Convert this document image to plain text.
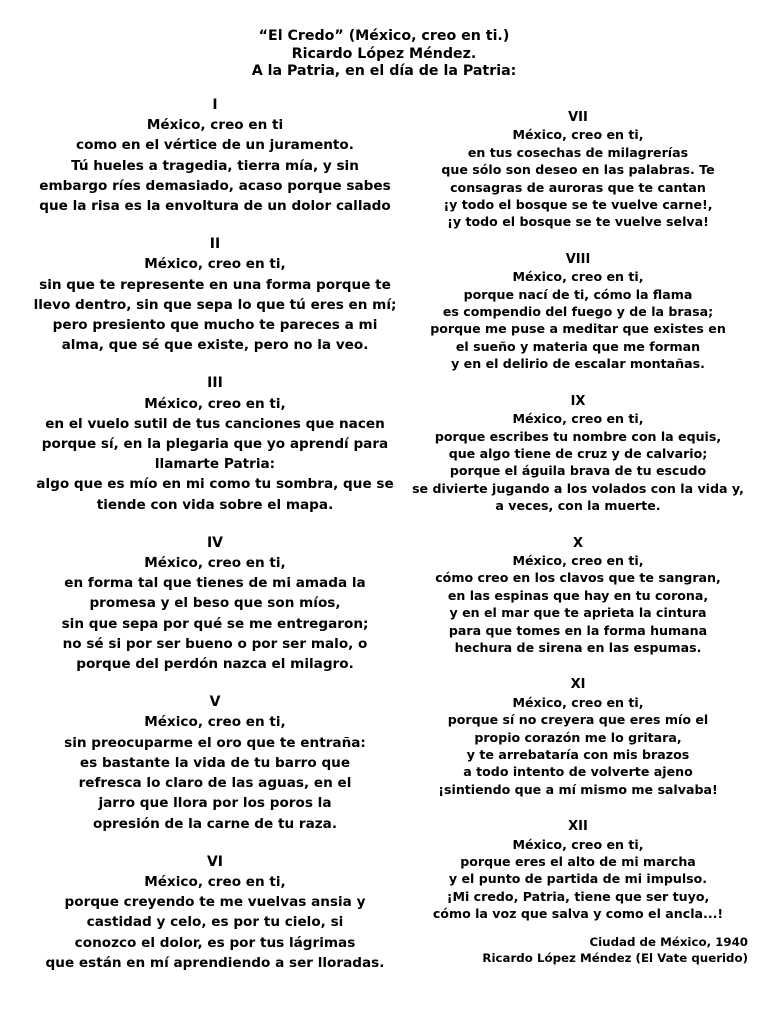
“El Credo” (México, creo en ti.)
Ricardo López Méndez.
A la Patria, en el día de la Patria:
I
México, creo en ti
como en el vértice de un juramento.
Tú hueles a tragedia, tierra mía, y sin
embargo ríes demasiado, acaso porque sabes
que la risa es la envoltura de un dolor callado
II
México, creo en ti,
sin que te represente en una forma porque te
llevo dentro, sin que sepa lo que tú eres en mí;
pero presiento que mucho te pareces a mi
alma, que sé que existe, pero no la veo.
III
México, creo en ti,
en el vuelo sutil de tus canciones que nacen
porque sí, en la plegaria que yo aprendí para
llamarte Patria:
algo que es mío en mi como tu sombra, que se
tiende con vida sobre el mapa.
IV
México, creo en ti,
en forma tal que tienes de mi amada la
promesa y el beso que son míos,
sin que sepa por qué se me entregaron;
no sé si por ser bueno o por ser malo, o
porque del perdón nazca el milagro.
V
México, creo en ti,
sin preocuparme el oro que te entraña:
es bastante la vida de tu barro que
refresca lo claro de las aguas, en el
jarro que llora por los poros la
opresión de la carne de tu raza.
VI
México, creo en ti,
porque creyendo te me vuelvas ansia y
castidad y celo, es por tu cielo, si
conozco el dolor, es por tus lágrimas
que están en mí aprendiendo a ser lloradas.
VII
México, creo en ti,
en tus cosechas de milagrerías
que sólo son deseo en las palabras. Te
consagras de auroras que te cantan
¡y todo el bosque se te vuelve carne!,
¡y todo el bosque se te vuelve selva!
VIII
México, creo en ti,
porque nací de ti, cómo la flama
es compendio del fuego y de la brasa;
porque me puse a meditar que existes en
el sueño y materia que me forman
y en el delirio de escalar montañas.
IX
México, creo en ti,
porque escribes tu nombre con la equis,
que algo tiene de cruz y de calvario;
porque el águila brava de tu escudo
se divierte jugando a los volados con la vida y,
a veces, con la muerte.
X
México, creo en ti,
cómo creo en los clavos que te sangran,
en las espinas que hay en tu corona,
y en el mar que te aprieta la cintura
para que tomes en la forma humana
hechura de sirena en las espumas.
XI
México, creo en ti,
porque sí no creyera que eres mío el
propio corazón me lo gritara,
y te arrebataría con mis brazos
a todo intento de volverte ajeno
¡sintiendo que a mí mismo me salvaba!
XII
México, creo en ti,
porque eres el alto de mi marcha
y el punto de partida de mi impulso.
¡Mi credo, Patria, tiene que ser tuyo,
cómo la voz que salva y como el ancla...!
Ciudad de México, 1940
Ricardo López Méndez (El Vate querido)
